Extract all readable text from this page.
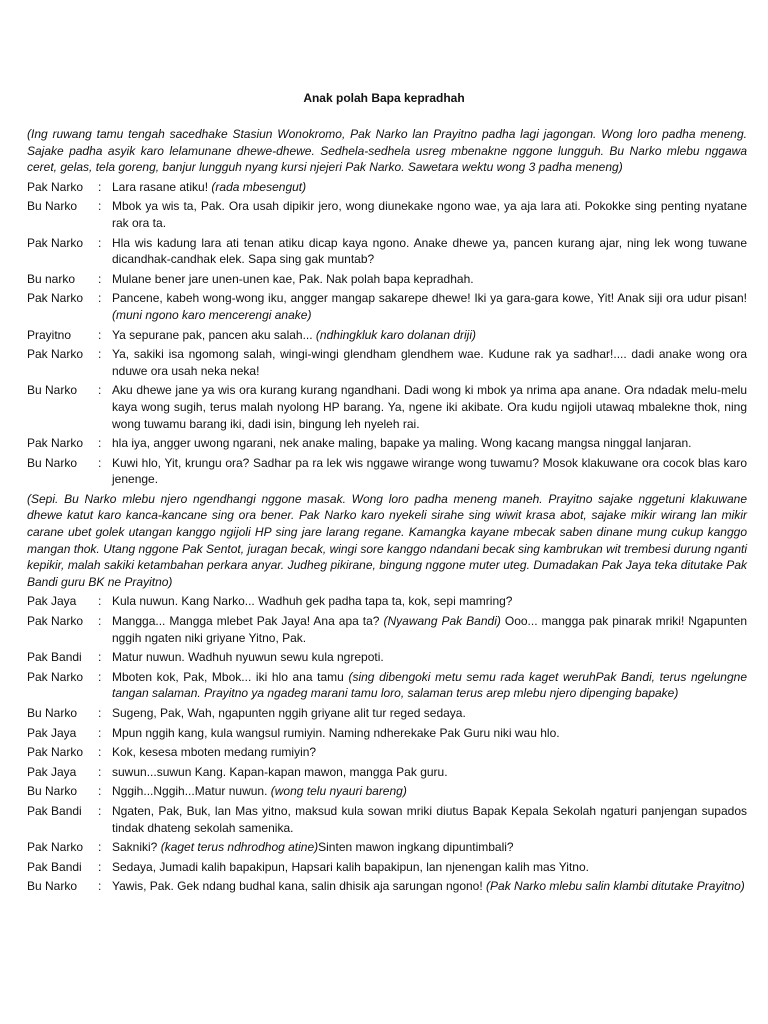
Anak polah Bapa kepradhah
(Ing ruwang tamu tengah sacedhake Stasiun Wonokromo, Pak Narko lan Prayitno padha lagi jagongan. Wong loro padha meneng. Sajake padha asyik karo lelamunane dhewe-dhewe. Sedhela-sedhela usreg mbenakne nggone lungguh. Bu Narko mlebu nggawa ceret, gelas, tela goreng, banjur lungguh nyang kursi njejeri Pak Narko. Sawetara wektu wong 3 padha meneng)
Pak Narko	: Lara rasane atiku! (rada mbesengut)
Bu Narko	: Mbok ya wis ta, Pak. Ora usah dipikir jero, wong diunekake ngono wae, ya aja lara ati. Pokokke sing penting nyatane rak ora ta.
Pak Narko	: Hla wis kadung lara ati tenan atiku dicap kaya ngono. Anake dhewe ya, pancen kurang ajar, ning lek wong tuwane dicandhak-candhak elek. Sapa sing gak muntab?
Bu narko	: Mulane bener jare unen-unen kae, Pak. Nak polah bapa kepradhah.
Pak Narko	: Pancene, kabeh wong-wong iku, angger mangap sakarepe dhewe! Iki ya gara-gara kowe, Yit! Anak siji ora udur pisan! (muni ngono karo mencerengi anake)
Prayitno	: Ya sepurane pak, pancen aku salah... (ndhingkluk karo dolanan driji)
Pak Narko	: Ya, sakiki isa ngomong salah, wingi-wingi glendham glendhem wae. Kudune rak ya sadhar!.... dadi anake wong ora nduwe ora usah neka neka!
Bu Narko	: Aku dhewe jane ya wis ora kurang kurang ngandhani. Dadi wong ki mbok ya nrima apa anane. Ora ndadak melu-melu kaya wong sugih, terus malah nyolong HP barang. Ya, ngene iki akibate. Ora kudu ngijoli utawaq mbalekne thok, ning wong tuwamu barang iki, dadi isin, bingung leh nyeleh rai.
Pak Narko	: hla iya, angger uwong ngarani, nek anake maling, bapake ya maling. Wong kacang mangsa ninggal lanjaran.
Bu Narko	: Kuwi hlo, Yit, krungu ora? Sadhar pa ra lek wis nggawe wirange wong tuwamu? Mosok klakuwane ora cocok blas karo jenenge.
(Sepi. Bu Narko mlebu njero ngendhangi nggone masak. Wong loro padha meneng maneh. Prayitno sajake nggetuni klakuwane dhewe katut karo kanca-kancane sing ora bener. Pak Narko karo nyekeli sirahe sing wiwit krasa abot, sajake mikir wirang lan mikir carane ubet golek utangan kanggo ngijoli HP sing jare larang regane. Kamangka kayane mbecak saben dinane mung cukup kanggo mangan thok. Utang nggone Pak Sentot, juragan becak, wingi sore kanggo ndandani becak sing kambrukan wit trembesi durung nganti kepikir, malah sakiki ketambahan perkara anyar. Judheg pikirane, bingung nggone muter uteg. Dumadakan Pak Jaya teka ditutake Pak Bandi guru BK ne Prayitno)
Pak Jaya	: Kula nuwun. Kang Narko... Wadhuh gek padha tapa ta, kok, sepi mamring?
Pak Narko	: Mangga... Mangga mlebet Pak Jaya! Ana apa ta? (Nyawang Pak Bandi) Ooo... mangga pak pinarak mriki! Ngapunten nggih ngaten niki griyane Yitno, Pak.
Pak Bandi	: Matur nuwun. Wadhuh nyuwun sewu kula ngrepoti.
Pak Narko	: Mboten kok, Pak, Mbok... iki hlo ana tamu (sing dibengoki metu semu rada kaget weruhPak Bandi, terus ngelungne tangan salaman. Prayitno ya ngadeg marani tamu loro, salaman terus arep mlebu njero dipenging bapake)
Bu Narko	: Sugeng, Pak, Wah, ngapunten nggih griyane alit tur reged sedaya.
Pak Jaya	: Mpun nggih kang, kula wangsul rumiyin. Naming ndherekake Pak Guru niki wau hlo.
Pak Narko	: Kok, kesesa mboten medang rumiyin?
Pak Jaya	: suwun...suwun Kang. Kapan-kapan mawon, mangga Pak guru.
Bu Narko	: Nggih...Nggih...Matur nuwun. (wong telu nyauri bareng)
Pak Bandi	: Ngaten, Pak, Buk, lan Mas yitno, maksud kula sowan mriki diutus Bapak Kepala Sekolah ngaturi panjengan supados tindak dhateng sekolah samenika.
Pak Narko	: Sakniki? (kaget terus ndhrodhog atine)Sinten mawon ingkang dipuntimbali?
Pak Bandi	: Sedaya, Jumadi kalih bapakipun, Hapsari kalih bapakipun, lan njenengan kalih mas Yitno.
Bu Narko	: Yawis, Pak. Gek ndang budhal kana, salin dhisik aja sarungan ngono! (Pak Narko mlebu salin klambi ditutake Prayitno)
